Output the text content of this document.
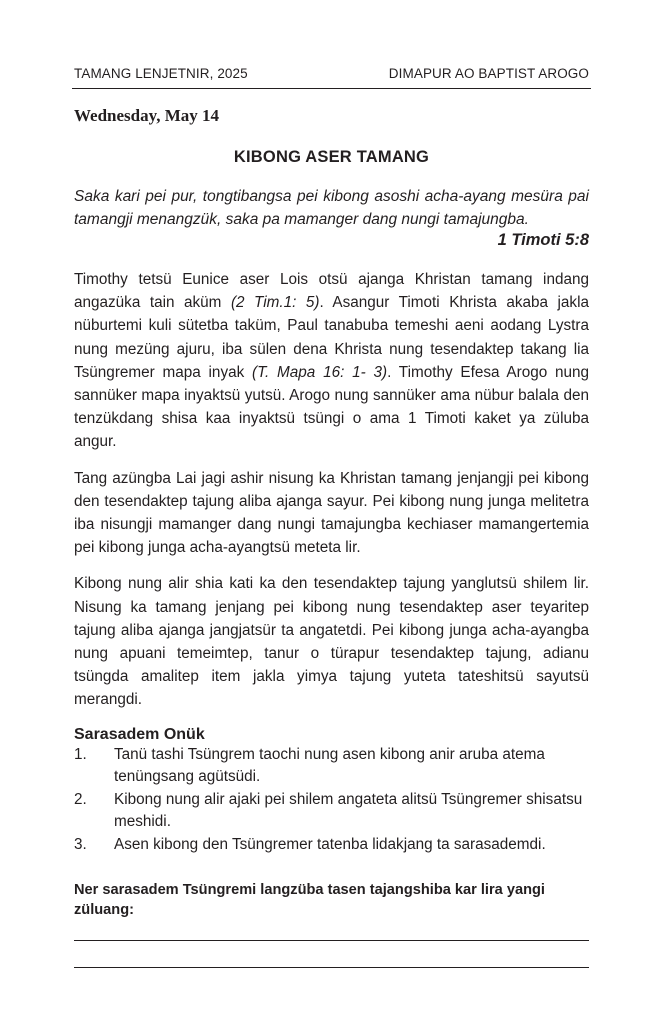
TAMANG LENJETNIR, 2025	DIMAPUR AO BAPTIST AROGO
Wednesday, May 14
KIBONG ASER TAMANG

Saka kari pei pur, tongtibangsa pei kibong asoshi acha-ayang mesüra pai tamangji menangzük, saka pa mamanger dang nungi tamajungba.

1 Timoti 5:8

Timothy tetsü Eunice aser Lois otsü ajanga Khristan tamang indang angazüka tain aküm (2 Tim.1: 5). Asangur Timoti Khrista akaba jakla nüburtemi kuli sütetba taküm, Paul tanabuba temeshi aeni aodang Lystra nung mezüng ajuru, iba sülen dena Khrista nung tesendaktep takang lia Tsüngremer mapa inyak (T. Mapa 16: 1- 3). Timothy Efesa Arogo nung sannüker mapa inyaktsü yutsü. Arogo nung sannüker ama nübur balala den tenzükdang shisa kaa inyaktsü tsüngi o ama 1 Timoti kaket ya züluba angur.

Tang azüngba Lai jagi ashir nisung ka Khristan tamang jenjangji pei kibong den tesendaktep tajung aliba ajanga sayur. Pei kibong nung junga melitetra iba nisungji mamanger dang nungi tamajungba kechiaser mamangertemia pei kibong junga acha-ayangtsü meteta lir.

Kibong nung alir shia kati ka den tesendaktep tajung yanglutsü shilem lir. Nisung ka tamang jenjang pei kibong nung tesendaktep aser teyaritep tajung aliba ajanga jangjatsür ta angatetdi. Pei kibong junga acha-ayangba nung apuani temeimtep, tanur o türapur tesendaktep tajung, adianu tsüngda amalitep item jakla yimya tajung yuteta tateshitsü sayutsü merangdi.

Sarasadem Onük
1.	Tanü tashi Tsüngrem taochi nung asen kibong anir aruba atema tenüngsang agütsüdi.
2.	Kibong nung alir ajaki pei shilem angateta alitsü Tsüngremer shisatsu meshidi.
3.	Asen kibong den Tsüngremer tatenba lidakjang ta sarasademdi.

Ner sarasadem Tsüngremi langzüba tasen tajangshiba kar lira yangi züluang:
